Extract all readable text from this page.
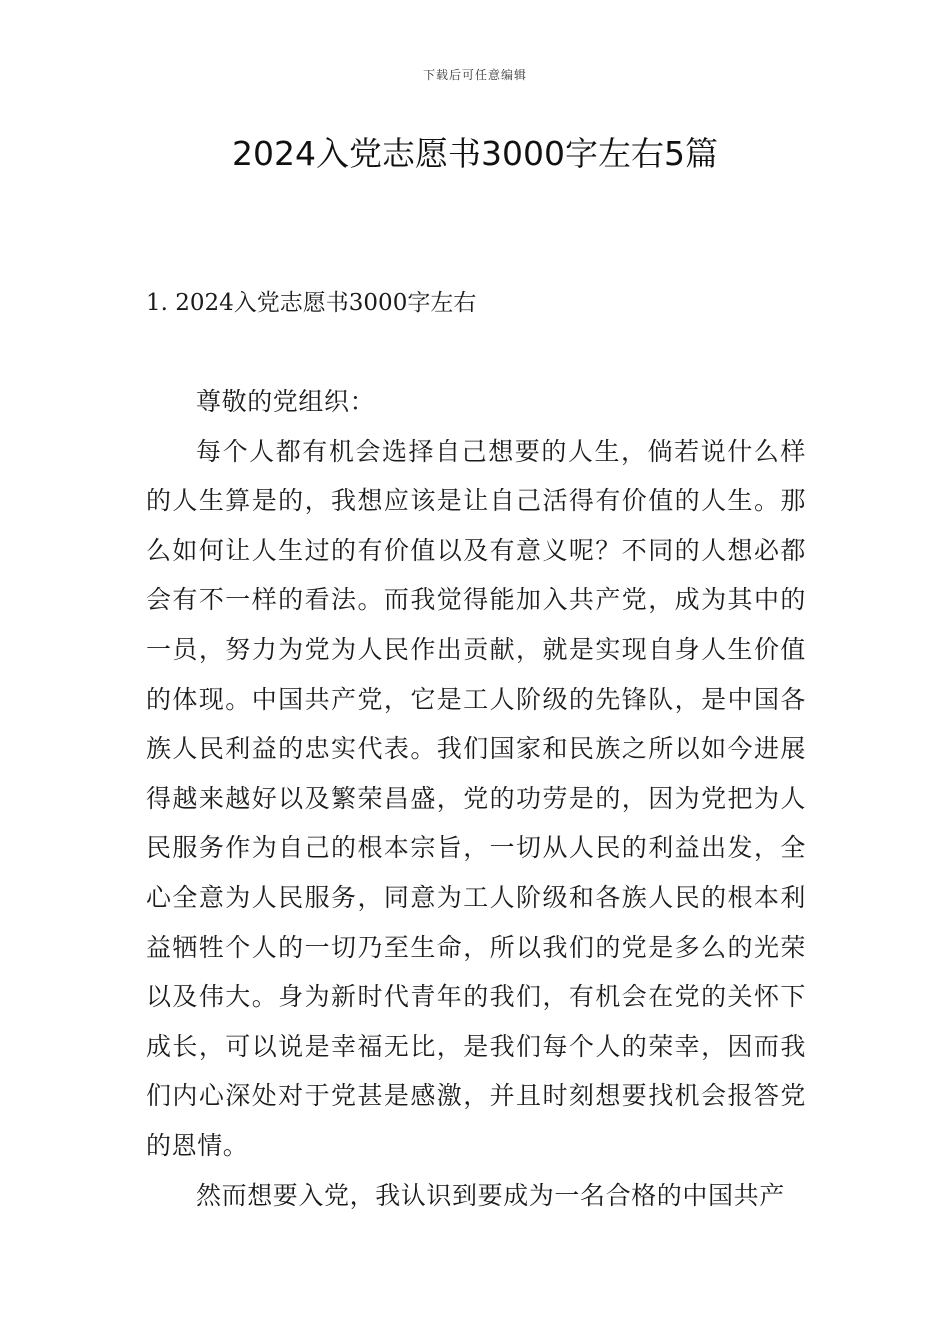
下载后可任意编辑
2024入党志愿书3000字左右5篇
1. 2024入党志愿书3000字左右

尊敬的党组织：

每个人都有机会选择自己想要的人生，倘若说什么样的人生算是的，我想应该是让自己活得有价值的人生。那么如何让人生过的有价值以及有意义呢？不同的人想必都会有不一样的看法。而我觉得能加入共产党，成为其中的一员，努力为党为人民作出贡献，就是实现自身人生价值的体现。中国共产党，它是工人阶级的先锋队，是中国各族人民利益的忠实代表。我们国家和民族之所以如今进展得越来越好以及繁荣昌盛，党的功劳是的，因为党把为人民服务作为自己的根本宗旨，一切从人民的利益出发，全心全意为人民服务，同意为工人阶级和各族人民的根本利益牺牲个人的一切乃至生命，所以我们的党是多么的光荣以及伟大。身为新时代青年的我们，有机会在党的关怀下成长，可以说是幸福无比，是我们每个人的荣幸，因而我们内心深处对于党甚是感激，并且时刻想要找机会报答党的恩情。

然而想要入党，我认识到要成为一名合格的中国共产
